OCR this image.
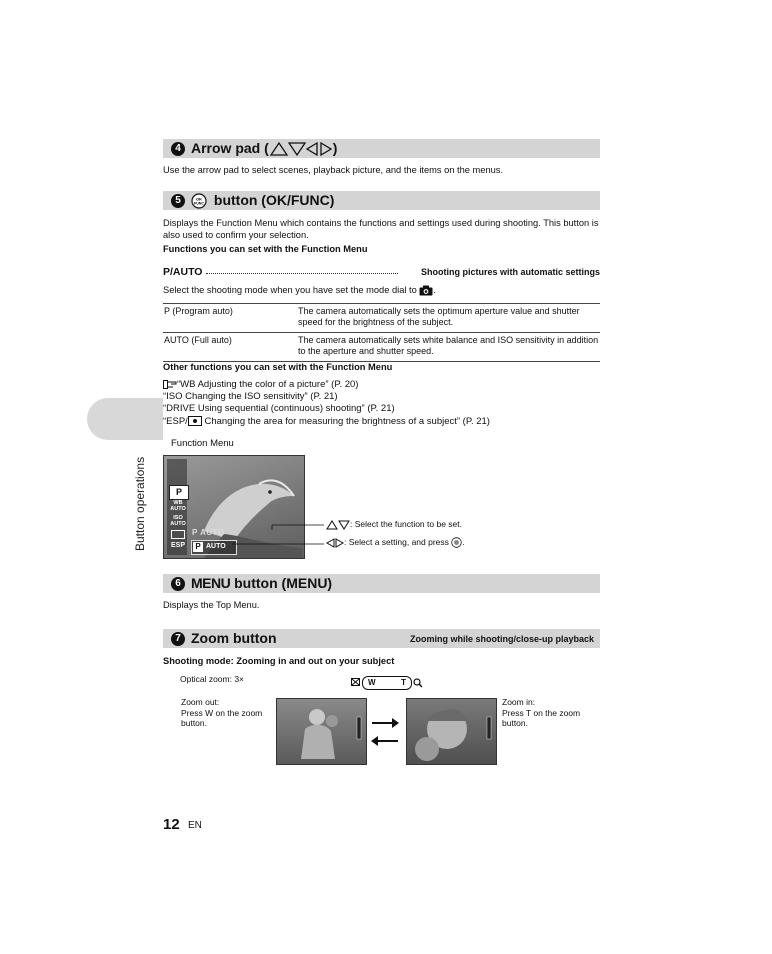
Button operations
4 Arrow pad (	)
Use the arrow pad to select scenes, playback picture, and the items on the menus.
5	OK
FUNC button (OK/FUNC)
Displays the Function Menu which contains the functions and settings used during shooting. This button is also used to confirm your selection.
Functions you can set with the Function Menu
P/AUTO	Shooting pictures with automatic settings
Select the shooting mode when you have set the mode dial to .
P (Program auto)	The camera automatically sets the optimum aperture value and shutter speed for the brightness of the subject.
AUTO (Full auto)	The camera automatically sets white balance and ISO sensitivity in addition to the aperture and shutter speed.
Other functions you can set with the Function Menu
“WB Adjusting the color of a picture” (P. 20)
“ISO Changing the ISO sensitivity” (P. 21)
“DRIVE Using sequential (continuous) shooting” (P. 21)
“ESP/ Changing the area for measuring the brightness of a subject” (P. 21)
Function Menu
P
WB AUTO
ISO AUTO
ESP
P AUTO
P AUTO
: Select the function to be set.
: Select a setting, and press .
6 MENU button (MENU)
Displays the Top Menu.
7 Zoom button	Zooming while shooting/close-up playback
Shooting mode: Zooming in and out on your subject
Optical zoom: 3×	W	T
Zoom out:
Press W on the zoom button.
Zoom in:
Press T on the zoom button.
12 EN
